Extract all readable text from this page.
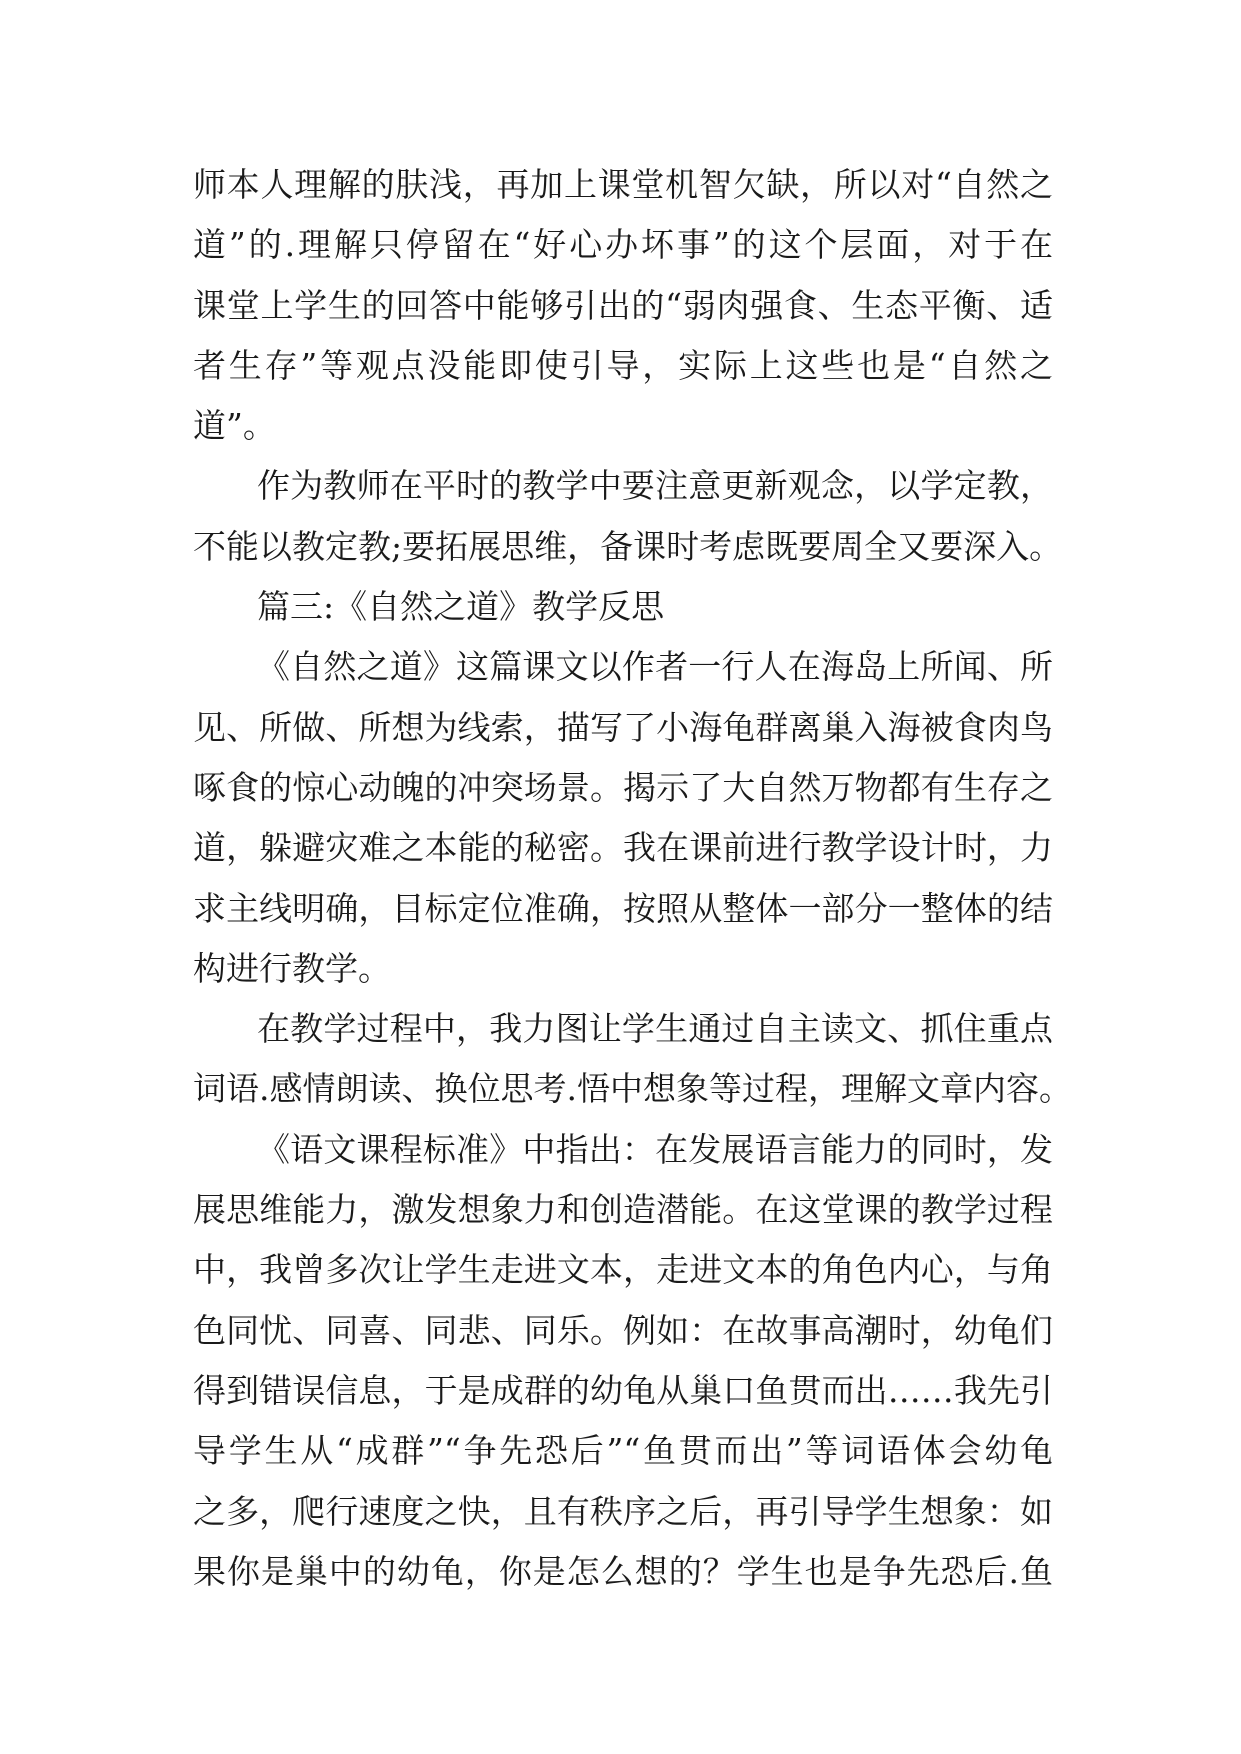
师本人理解的肤浅，再加上课堂机智欠缺，所以对“自然之
道”的.理解只停留在“好心办坏事”的这个层面，对于在
课堂上学生的回答中能够引出的“弱肉强食、生态平衡、适
者生存”等观点没能即使引导，实际上这些也是“自然之
道”。
作为教师在平时的教学中要注意更新观念，以学定教，
不能以教定教;要拓展思维，备课时考虑既要周全又要深入。
篇三:《自然之道》教学反思
《自然之道》这篇课文以作者一行人在海岛上所闻、所
见、所做、所想为线索，描写了小海龟群离巢入海被食肉鸟
啄食的惊心动魄的冲突场景。揭示了大自然万物都有生存之
道，躲避灾难之本能的秘密。我在课前进行教学设计时，力
求主线明确，目标定位准确，按照从整体一部分一整体的结
构进行教学。
在教学过程中，我力图让学生通过自主读文、抓住重点
词语.感情朗读、换位思考.悟中想象等过程，理解文章内容。
《语文课程标准》中指出：在发展语言能力的同时，发
展思维能力，激发想象力和创造潜能。在这堂课的教学过程
中，我曾多次让学生走进文本，走进文本的角色内心，与角
色同忧、同喜、同悲、同乐。例如：在故事高潮时，幼龟们
得到错误信息，于是成群的幼龟从巢口鱼贯而出……我先引
导学生从“成群”“争先恐后”“鱼贯而出”等词语体会幼龟
之多，爬行速度之快，且有秩序之后，再引导学生想象：如
果你是巢中的幼龟，你是怎么想的？学生也是争先恐后.鱼
